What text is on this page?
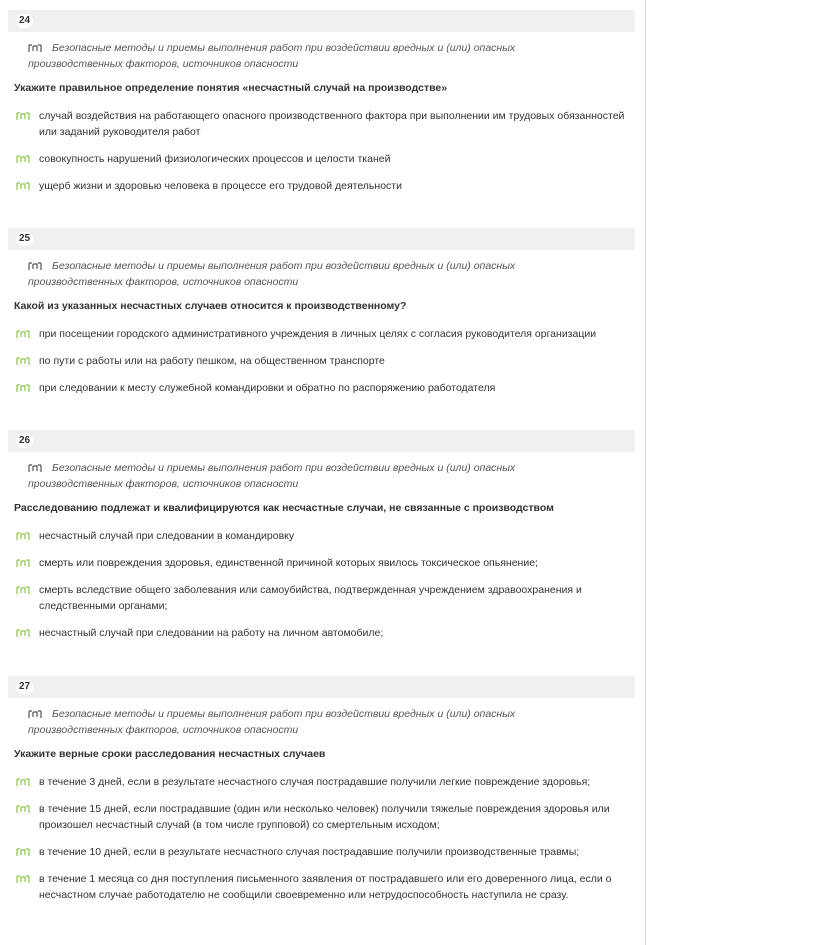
24
Безопасные методы и приемы выполнения работ при воздействии вредных и (или) опасных производственных факторов, источников опасности
Укажите правильное определение понятия «несчастный случай на производстве»
случай воздействия на работающего опасного производственного фактора при выполнении им трудовых обязанностей или заданий руководителя работ
совокупность нарушений физиологических процессов и целости тканей
ущерб жизни и здоровью человека в процессе его трудовой деятельности
25
Безопасные методы и приемы выполнения работ при воздействии вредных и (или) опасных производственных факторов, источников опасности
Какой из указанных несчастных случаев относится к производственному?
при посещении городского административного учреждения в личных целях с согласия руководителя организации
по пути с работы или на работу пешком, на общественном транспорте
при следовании к месту служебной командировки и обратно по распоряжению работодателя
26
Безопасные методы и приемы выполнения работ при воздействии вредных и (или) опасных производственных факторов, источников опасности
Расследованию подлежат и квалифицируются как несчастные случаи, не связанные с производством
несчастный случай при следовании в командировку
смерть или повреждения здоровья, единственной причиной которых явилось токсическое опьянение;
смерть вследствие общего заболевания или самоубийства, подтвержденная учреждением здравоохранения и следственными органами;
несчастный случай при следовании на работу на личном автомобиле;
27
Безопасные методы и приемы выполнения работ при воздействии вредных и (или) опасных производственных факторов, источников опасности
Укажите верные сроки расследования несчастных случаев
в течение 3 дней, если в результате несчастного случая пострадавшие получили легкие повреждение здоровья;
в течение 15 дней, если пострадавшие (один или несколько человек) получили тяжелые повреждения здоровья или произошел несчастный случай (в том числе групповой) со смертельным исходом;
в течение 10 дней, если в результате несчастного случая пострадавшие получили производственные травмы;
в течение 1 месяца со дня поступления письменного заявления от пострадавшего или его доверенного лица, если о несчастном случае работодателю не сообщили своевременно или нетрудоспособность наступила не сразу.
